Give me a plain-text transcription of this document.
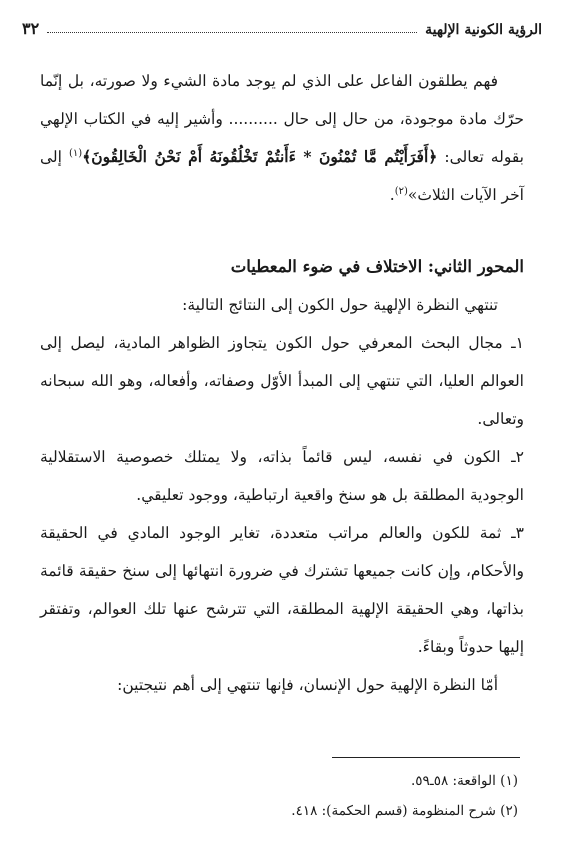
الرؤية الكونية الإلهية
٣٢

فهم يطلقون الفاعل على الذي لم يوجد مادة الشيء ولا صورته، بل إنّما حرّك مادة موجودة، من حال إلى حال .......... وأشير إليه في الكتاب الإلهي بقوله تعالى: ﴿أَفَرَأَيْتُم مَّا تُمْنُونَ * ءَأَنتُمْ تَخْلُقُونَهُ أَمْ نَحْنُ الْخَالِقُونَ﴾$^{(١)}$ إلى آخر الآيات الثلاث»$^{(٢)}$.

المحور الثاني: الاختلاف في ضوء المعطيات

تنتهي النظرة الإلهية حول الكون إلى النتائج التالية:

١ـ مجال البحث المعرفي حول الكون يتجاوز الظواهر المادية، ليصل إلى العوالم العليا، التي تنتهي إلى المبدأ الأوّل وصفاته، وأفعاله، وهو الله سبحانه وتعالى.

٢ـ الكون في نفسه، ليس قائماً بذاته، ولا يمتلك خصوصية الاستقلالية الوجودية المطلقة بل هو سنخ واقعية ارتباطية، ووجود تعليقي.

٣ـ ثمة للكون والعالم مراتب متعددة، تغاير الوجود المادي في الحقيقة والأحكام، وإن كانت جميعها تشترك في ضرورة انتهائها إلى سنخ حقيقة قائمة بذاتها، وهي الحقيقة الإلهية المطلقة، التي تترشح عنها تلك العوالم، وتفتقر إليها حدوثاً وبقاءً.

أمّا النظرة الإلهية حول الإنسان، فإنها تنتهي إلى أهم نتيجتين:

(١) الواقعة: ٥٨ـ٥٩.
(٢) شرح المنظومة (قسم الحكمة): ٤١٨.
